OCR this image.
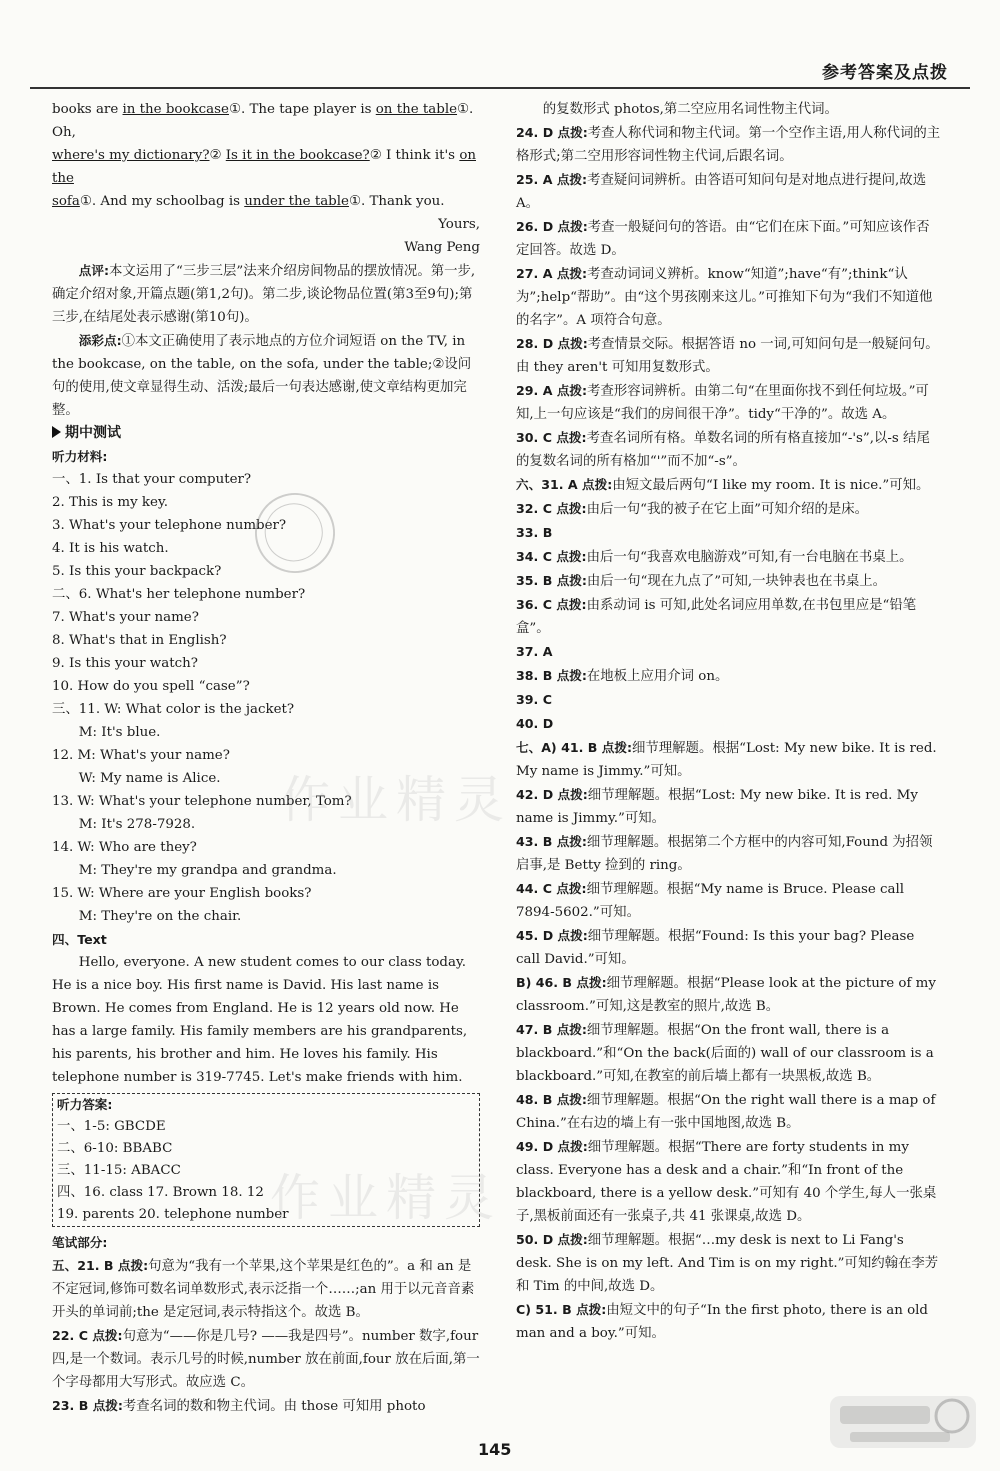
参考答案及点拨

books are in the bookcase①. The tape player is on the table①. Oh,

where's my dictionary?② Is it in the bookcase?② I think it's on the

sofa①. And my schoolbag is under the table①. Thank you.

Yours,

Wang Peng

点评:本文运用了“三步三层”法来介绍房间物品的摆放情况。第一步,确定介绍对象,开篇点题(第1,2句)。第二步,谈论物品位置(第3至9句);第三步,在结尾处表示感谢(第10句)。

添彩点:①本文正确使用了表示地点的方位介词短语 on the TV, in the bookcase, on the table, on the sofa, under the table;②设问句的使用,使文章显得生动、活泼;最后一句表达感谢,使文章结构更加完整。

期中测试

听力材料:

一、1. Is that your computer?

2. This is my key.

3. What's your telephone number?

4. It is his watch.

5. Is this your backpack?

二、6. What's her telephone number?

7. What's your name?

8. What's that in English?

9. Is this your watch?

10. How do you spell “case”?

三、11. W: What color is the jacket?

M: It's blue.

12. M: What's your name?

W: My name is Alice.

13. W: What's your telephone number, Tom?

M: It's 278-7928.

14. W: Who are they?

M: They're my grandpa and grandma.

15. W: Where are your English books?

M: They're on the chair.

四、Text

Hello, everyone. A new student comes to our class today. He is a nice boy. His first name is David. His last name is Brown. He comes from England. He is 12 years old now. He has a large family. His family members are his grandparents, his parents, his brother and him. He loves his family. His telephone number is 319-7745. Let's make friends with him.

听力答案:

一、1-5: GBCDE

二、6-10: BBABC

三、11-15: ABACC

四、16. class 17. Brown 18. 12

19. parents 20. telephone number

笔试部分:

五、21. B 点拨:句意为“我有一个苹果,这个苹果是红色的”。a 和 an 是不定冠词,修饰可数名词单数形式,表示泛指一个……;an 用于以元音音素开头的单词前;the 是定冠词,表示特指这个。故选 B。

22. C 点拨:句意为“——你是几号? ——我是四号”。number 数字,four 四,是一个数词。表示几号的时候,number 放在前面,four 放在后面,第一个字母都用大写形式。故应选 C。

23. B 点拨:考查名词的数和物主代词。由 those 可知用 photo

的复数形式 photos,第二空应用名词性物主代词。

24. D 点拨:考查人称代词和物主代词。第一个空作主语,用人称代词的主格形式;第二空用形容词性物主代词,后跟名词。

25. A 点拨:考查疑问词辨析。由答语可知问句是对地点进行提问,故选 A。

26. D 点拨:考查一般疑问句的答语。由“它们在床下面。”可知应该作否定回答。故选 D。

27. A 点拨:考查动词词义辨析。know“知道”;have“有”;think“认为”;help“帮助”。由“这个男孩刚来这儿。”可推知下句为“我们不知道他的名字”。A 项符合句意。

28. D 点拨:考查情景交际。根据答语 no 一词,可知问句是一般疑问句。由 they aren't 可知用复数形式。

29. A 点拨:考查形容词辨析。由第二句“在里面你找不到任何垃圾。”可知,上一句应该是“我们的房间很干净”。tidy“干净的”。故选 A。

30. C 点拨:考查名词所有格。单数名词的所有格直接加“-'s”,以-s 结尾的复数名词的所有格加“'”而不加“-s”。

六、31. A 点拨:由短文最后两句“I like my room. It is nice.”可知。

32. C 点拨:由后一句“我的被子在它上面”可知介绍的是床。

33. B

34. C 点拨:由后一句“我喜欢电脑游戏”可知,有一台电脑在书桌上。

35. B 点拨:由后一句“现在九点了”可知,一块钟表也在书桌上。

36. C 点拨:由系动词 is 可知,此处名词应用单数,在书包里应是“铅笔盒”。

37. A

38. B 点拨:在地板上应用介词 on。

39. C

40. D

七、A) 41. B 点拨:细节理解题。根据“Lost: My new bike. It is red. My name is Jimmy.”可知。

42. D 点拨:细节理解题。根据“Lost: My new bike. It is red. My name is Jimmy.”可知。

43. B 点拨:细节理解题。根据第二个方框中的内容可知,Found 为招领启事,是 Betty 捡到的 ring。

44. C 点拨:细节理解题。根据“My name is Bruce. Please call 7894-5602.”可知。

45. D 点拨:细节理解题。根据“Found: Is this your bag? Please call David.”可知。

B) 46. B 点拨:细节理解题。根据“Please look at the picture of my classroom.”可知,这是教室的照片,故选 B。

47. B 点拨:细节理解题。根据“On the front wall, there is a blackboard.”和“On the back(后面的) wall of our classroom is a blackboard.”可知,在教室的前后墙上都有一块黑板,故选 B。

48. B 点拨:细节理解题。根据“On the right wall there is a map of China.”在右边的墙上有一张中国地图,故选 B。

49. D 点拨:细节理解题。根据“There are forty students in my class. Everyone has a desk and a chair.”和“In front of the blackboard, there is a yellow desk.”可知有 40 个学生,每人一张桌子,黑板前面还有一张桌子,共 41 张课桌,故选 D。

50. D 点拨:细节理解题。根据“…my desk is next to Li Fang's desk. She is on my left. And Tim is on my right.”可知约翰在李芳和 Tim 的中间,故选 D。

C) 51. B 点拨:由短文中的句子“In the first photo, there is an old man and a boy.”可知。

作业精灵
作业精灵
145
